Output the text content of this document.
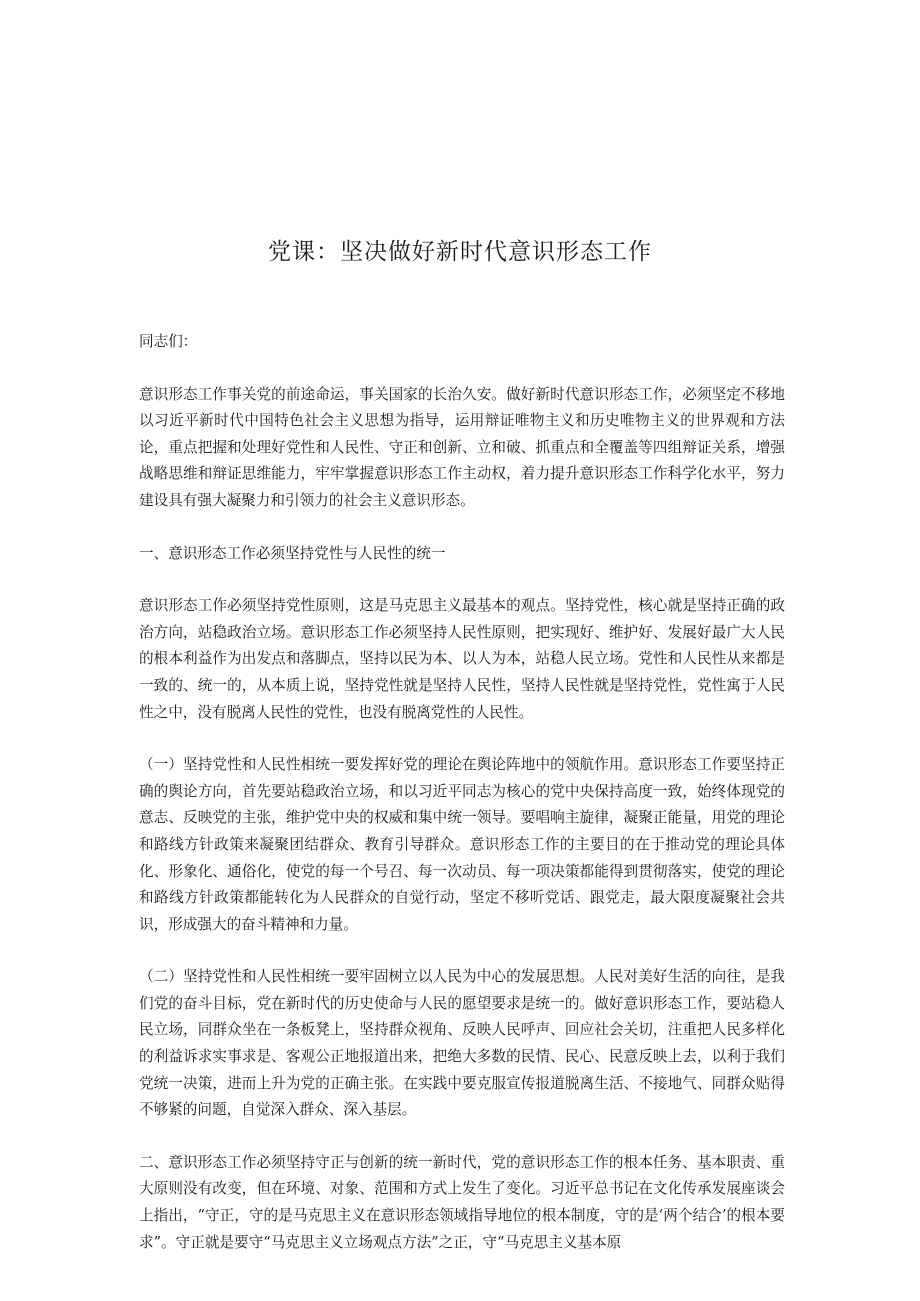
党课：坚决做好新时代意识形态工作

同志们：

意识形态工作事关党的前途命运，事关国家的长治久安。做好新时代意识形态工作，必须坚定不移地以习近平新时代中国特色社会主义思想为指导，运用辩证唯物主义和历史唯物主义的世界观和方法论，重点把握和处理好党性和人民性、守正和创新、立和破、抓重点和全覆盖等四组辩证关系，增强战略思维和辩证思维能力，牢牢掌握意识形态工作主动权，着力提升意识形态工作科学化水平，努力建设具有强大凝聚力和引领力的社会主义意识形态。

一、意识形态工作必须坚持党性与人民性的统一

意识形态工作必须坚持党性原则，这是马克思主义最基本的观点。坚持党性，核心就是坚持正确的政治方向，站稳政治立场。意识形态工作必须坚持人民性原则，把实现好、维护好、发展好最广大人民的根本利益作为出发点和落脚点，坚持以民为本、以人为本，站稳人民立场。党性和人民性从来都是一致的、统一的，从本质上说，坚持党性就是坚持人民性，坚持人民性就是坚持党性，党性寓于人民性之中，没有脱离人民性的党性，也没有脱离党性的人民性。

（一）坚持党性和人民性相统一要发挥好党的理论在舆论阵地中的领航作用。意识形态工作要坚持正确的舆论方向，首先要站稳政治立场，和以习近平同志为核心的党中央保持高度一致，始终体现党的意志、反映党的主张，维护党中央的权威和集中统一领导。要唱响主旋律，凝聚正能量，用党的理论和路线方针政策来凝聚团结群众、教育引导群众。意识形态工作的主要目的在于推动党的理论具体化、形象化、通俗化，使党的每一个号召、每一次动员、每一项决策都能得到贯彻落实，使党的理论和路线方针政策都能转化为人民群众的自觉行动，坚定不移听党话、跟党走，最大限度凝聚社会共识，形成强大的奋斗精神和力量。

（二）坚持党性和人民性相统一要牢固树立以人民为中心的发展思想。人民对美好生活的向往，是我们党的奋斗目标，党在新时代的历史使命与人民的愿望要求是统一的。做好意识形态工作，要站稳人民立场，同群众坐在一条板凳上，坚持群众视角、反映人民呼声、回应社会关切，注重把人民多样化的利益诉求实事求是、客观公正地报道出来，把绝大多数的民情、民心、民意反映上去，以利于我们党统一决策，进而上升为党的正确主张。在实践中要克服宣传报道脱离生活、不接地气、同群众贴得不够紧的问题，自觉深入群众、深入基层。

二、意识形态工作必须坚持守正与创新的统一新时代，党的意识形态工作的根本任务、基本职责、重大原则没有改变，但在环境、对象、范围和方式上发生了变化。习近平总书记在文化传承发展座谈会上指出，“守正，守的是马克思主义在意识形态领域指导地位的根本制度，守的是‘两个结合’的根本要求”。守正就是要守“马克思主义立场观点方法”之正，守“马克思主义基本原
